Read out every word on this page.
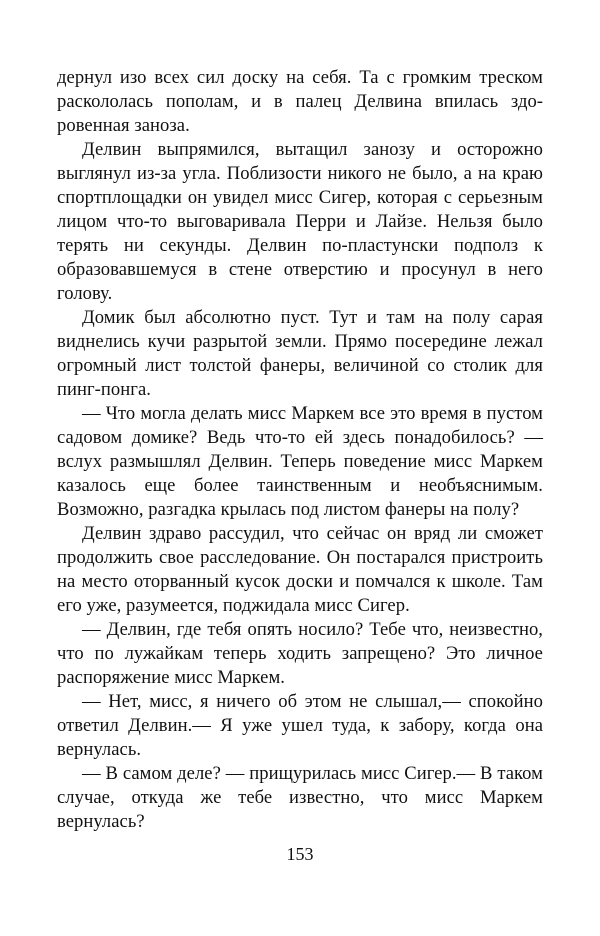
дернул изо всех сил доску на себя. Та с громким треском раскололась пополам, и в палец Делвина впилась здоровенная заноза.

Делвин выпрямился, вытащил занозу и осторожно выглянул из-за угла. Поблизости никого не было, а на краю спортплощадки он увидел мисс Сигер, которая с серьезным лицом что-то выговаривала Перри и Лайзе. Нельзя было терять ни секунды. Делвин по-пластунски подполз к образовавшемуся в стене отверстию и просунул в него голову.

Домик был абсолютно пуст. Тут и там на полу сарая виднелись кучи разрытой земли. Прямо посередине лежал огромный лист толстой фанеры, величиной со столик для пинг-понга.

— Что могла делать мисс Маркем все это время в пустом садовом домике? Ведь что-то ей здесь понадобилось? — вслух размышлял Делвин. Теперь поведение мисс Маркем казалось еще более таинственным и необъяснимым. Возможно, разгадка крылась под листом фанеры на полу?

Делвин здраво рассудил, что сейчас он вряд ли сможет продолжить свое расследование. Он постарался пристроить на место оторванный кусок доски и помчался к школе. Там его уже, разумеется, поджидала мисс Сигер.

— Делвин, где тебя опять носило? Тебе что, неизвестно, что по лужайкам теперь ходить запрещено? Это личное распоряжение мисс Маркем.

— Нет, мисс, я ничего об этом не слышал,— спокойно ответил Делвин.— Я уже ушел туда, к забору, когда она вернулась.

— В самом деле? — прищурилась мисс Сигер.— В таком случае, откуда же тебе известно, что мисс Маркем вернулась?

153
